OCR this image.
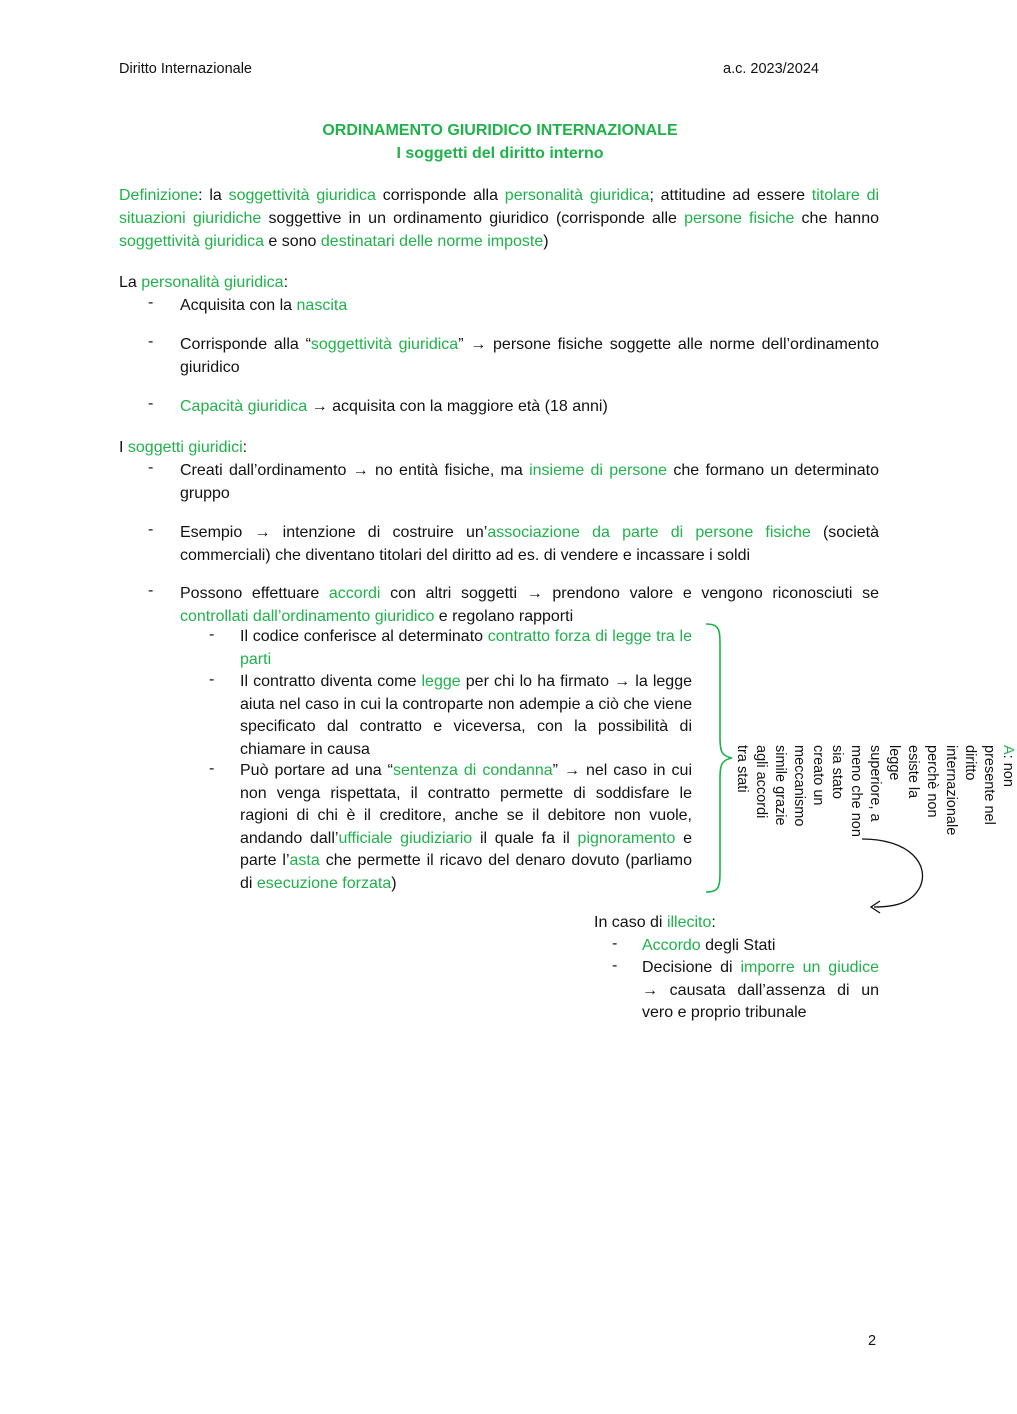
Diritto Internazionale	a.c. 2023/2024
ORDINAMENTO GIURIDICO INTERNAZIONALE
I soggetti del diritto interno
Definizione: la soggettività giuridica corrisponde alla personalità giuridica; attitudine ad essere titolare di situazioni giuridiche soggettive in un ordinamento giuridico (corrisponde alle persone fisiche che hanno soggettività giuridica e sono destinatari delle norme imposte)
La personalità giuridica:
- Acquisita con la nascita
- Corrisponde alla “soggettività giuridica” → persone fisiche soggette alle norme dell’ordinamento giuridico
- Capacità giuridica → acquisita con la maggiore età (18 anni)
I soggetti giuridici:
- Creati dall’ordinamento → no entità fisiche, ma insieme di persone che formano un determinato gruppo
- Esempio → intenzione di costruire un’associazione da parte di persone fisiche (società commerciali) che diventano titolari del diritto ad es. di vendere e incassare i soldi
- Possono effettuare accordi con altri soggetti → prendono valore e vengono riconosciuti se controllati dall’ordinamento giuridico e regolano rapporti
- Il codice conferisce al determinato contratto forza di legge tra le parti
- Il contratto diventa come legge per chi lo ha firmato → la legge aiuta nel caso in cui la controparte non adempie a ciò che viene specificato dal contratto e viceversa, con la possibilità di chiamare in causa
- Può portare ad una “sentenza di condanna” → nel caso in cui non venga rispettata, il contratto permette di soddisfare le ragioni di chi è il creditore, anche se il debitore non vuole, andando dall’ufficiale giudiziario il quale fa il pignoramento e parte l’asta che permette il ricavo del denaro dovuto (parliamo di esecuzione forzata)
A: non
presente nel
diritto
internazionale
perchè non
esiste la
legge
superiore, a
meno che non
sia stato
creato un
meccanismo
simile grazie
agli accordi
tra stati
In caso di illecito:
- Accordo degli Stati
- Decisione di imporre un giudice → causata dall’assenza di un vero e proprio tribunale
2
